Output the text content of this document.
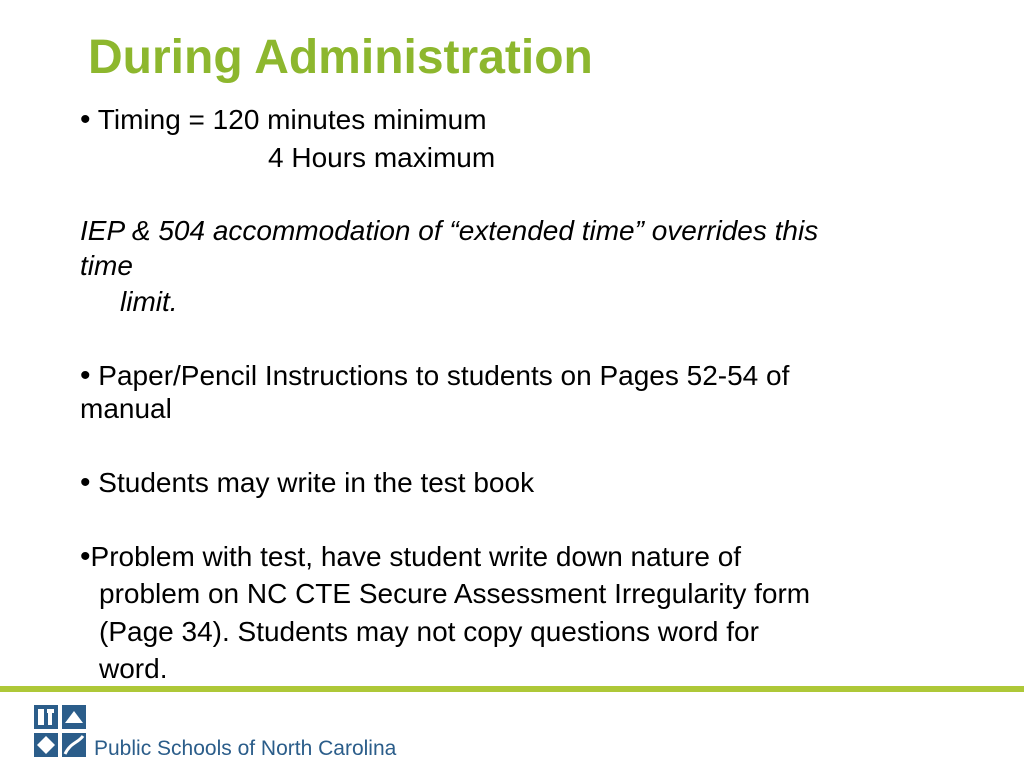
During Administration
• Timing = 120 minutes minimum
4 Hours maximum
IEP & 504 accommodation of “extended time” overrides this
time
limit.
• Paper/Pencil Instructions to students on Pages 52-54 of
manual
• Students may write in the test book
•Problem with test, have student write down nature of
problem on NC CTE Secure Assessment Irregularity form
(Page 34). Students may not copy questions word for
word.
Public Schools of North Carolina
